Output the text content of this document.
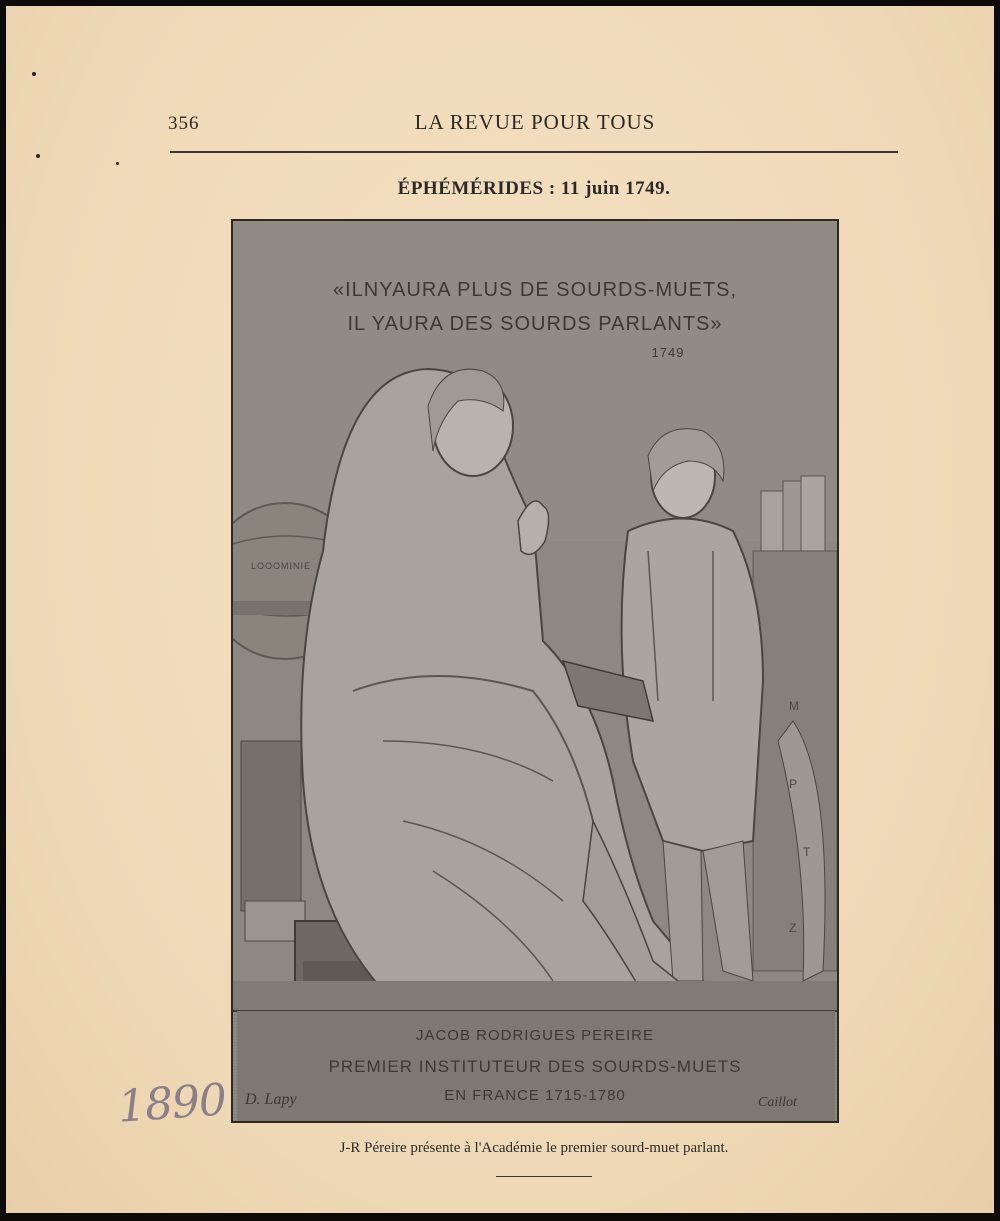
356	LA REVUE POUR TOUS
ÉPHÉMÉRIDES : 11 juin 1749.
«ILNYAURA PLUS DE SOURDS-MUETS,
IL YAURA DES SOURDS PARLANTS»
1749
LOOOMINIE
M
P
T
Z
JACOB RODRIGUES PEREIRE
PREMIER INSTITUTEUR DES SOURDS-MUETS
EN FRANCE 1715-1780
D. Lapy	Caillot
J-R Péreire présente à l'Académie le premier sourd-muet parlant.
1890
